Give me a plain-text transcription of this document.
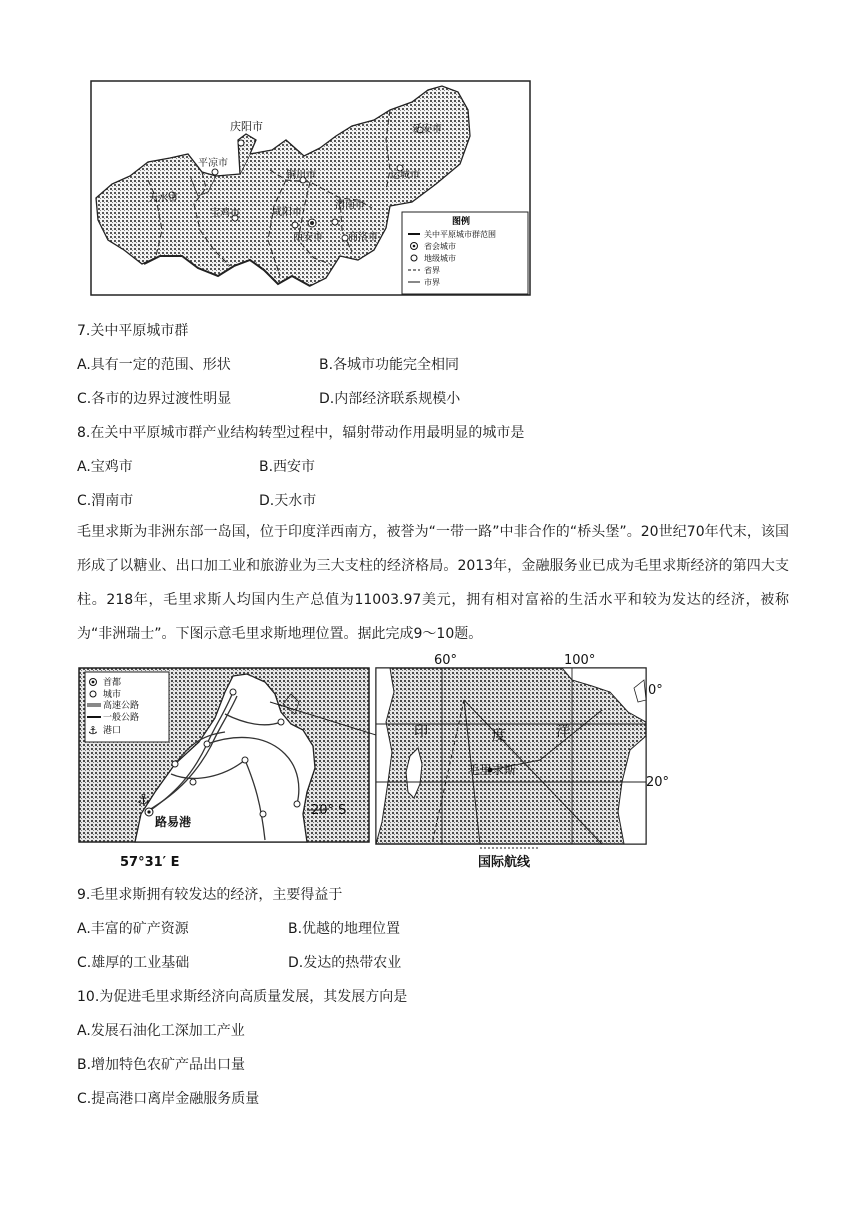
庆阳市
铜川市
延安市
平凉市
天水市
运城市
宝鸡市	咸阳市
渭南市
西安市	商洛市
图例
关中平原城市群范围
省会城市
地级城市
省界
市界
7.关中平原城市群
A.具有一定的范围、形状	B.各城市功能完全相同
C.各市的边界过渡性明显	D.内部经济联系规模小
8.在关中平原城市群产业结构转型过程中，辐射带动作用最明显的城市是
A.宝鸡市	B.西安市
C.渭南市	D.天水市
毛里求斯为非洲东部一岛国，位于印度洋西南方，被誉为“一带一路”中非合作的“桥头堡”。20世纪70年代末，该国形成了以糖业、出口加工业和旅游业为三大支柱的经济格局。2013年，金融服务业已成为毛里求斯经济的第四大支柱。218年，毛里求斯人均国内生产总值为11003.97美元，拥有相对富裕的生活水平和较为发达的经济，被称为“非洲瑞士”。下图示意毛里求斯地理位置。据此完成9～10题。
⚓
路易港
20° S
57°31′ E
首都
城市
高速公路
一般公路
⚓ 港口
60°	100°
0°
20°
印	度	洋
毛里求斯
国际航线
9.毛里求斯拥有较发达的经济，主要得益于
A.丰富的矿产资源	B.优越的地理位置
C.雄厚的工业基础	D.发达的热带农业
10.为促进毛里求斯经济向高质量发展，其发展方向是
A.发展石油化工深加工产业
B.增加特色农矿产品出口量
C.提高港口离岸金融服务质量
